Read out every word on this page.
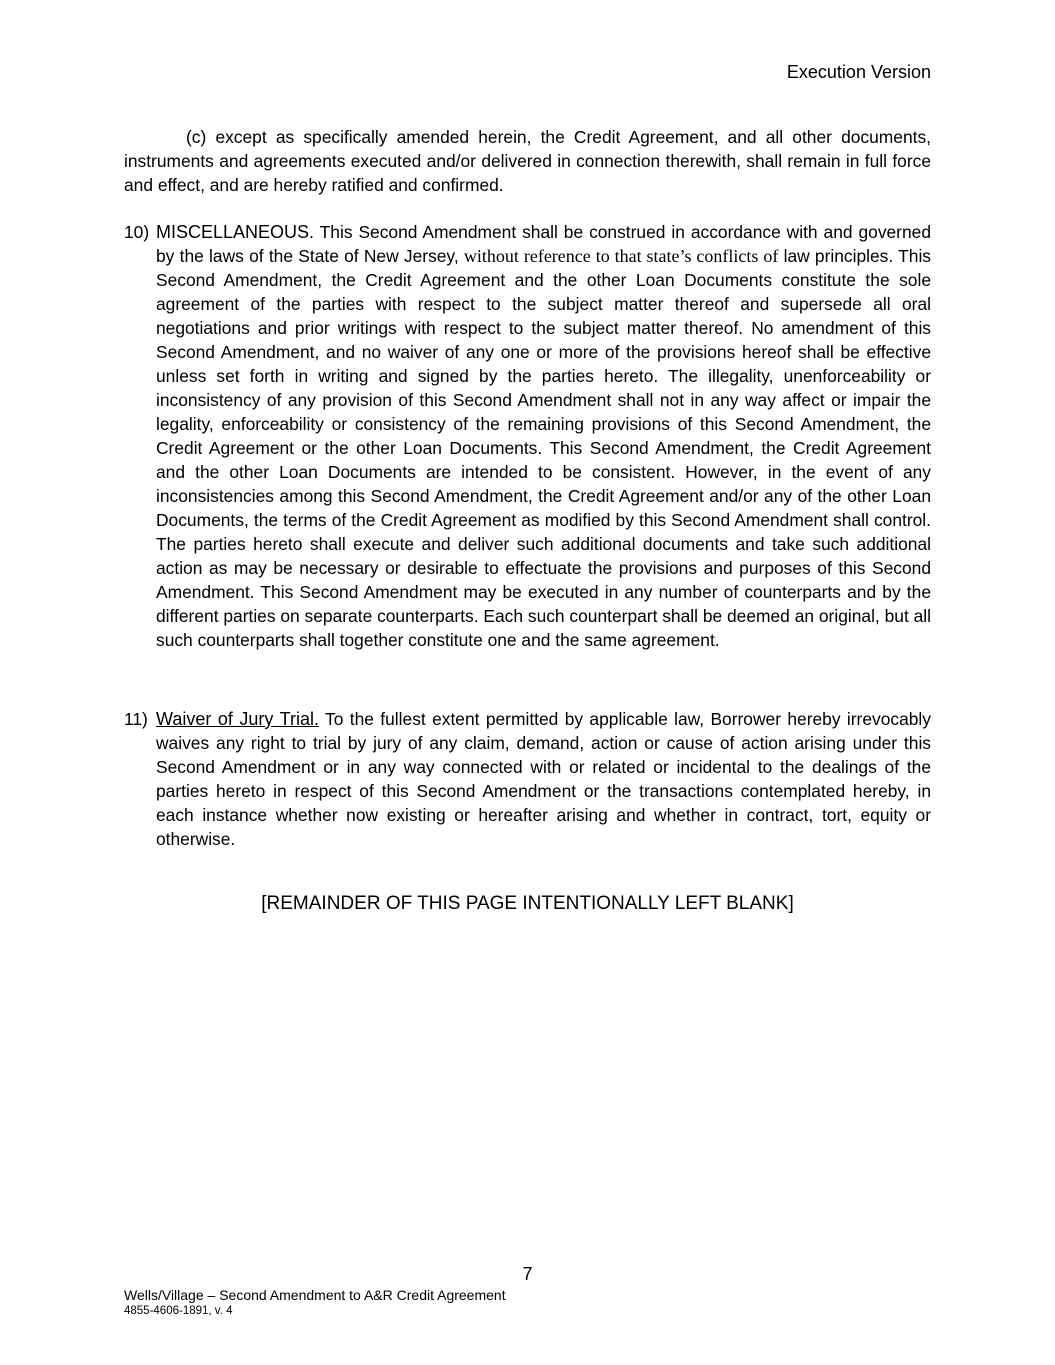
Execution Version
(c) except as specifically amended herein, the Credit Agreement, and all other documents, instruments and agreements executed and/or delivered in connection therewith, shall remain in full force and effect, and are hereby ratified and confirmed.
10) MISCELLANEOUS. This Second Amendment shall be construed in accordance with and governed by the laws of the State of New Jersey, without reference to that state’s conflicts of law principles. This Second Amendment, the Credit Agreement and the other Loan Documents constitute the sole agreement of the parties with respect to the subject matter thereof and supersede all oral negotiations and prior writings with respect to the subject matter thereof. No amendment of this Second Amendment, and no waiver of any one or more of the provisions hereof shall be effective unless set forth in writing and signed by the parties hereto. The illegality, unenforceability or inconsistency of any provision of this Second Amendment shall not in any way affect or impair the legality, enforceability or consistency of the remaining provisions of this Second Amendment, the Credit Agreement or the other Loan Documents. This Second Amendment, the Credit Agreement and the other Loan Documents are intended to be consistent. However, in the event of any inconsistencies among this Second Amendment, the Credit Agreement and/or any of the other Loan Documents, the terms of the Credit Agreement as modified by this Second Amendment shall control. The parties hereto shall execute and deliver such additional documents and take such additional action as may be necessary or desirable to effectuate the provisions and purposes of this Second Amendment. This Second Amendment may be executed in any number of counterparts and by the different parties on separate counterparts. Each such counterpart shall be deemed an original, but all such counterparts shall together constitute one and the same agreement.
11) Waiver of Jury Trial. To the fullest extent permitted by applicable law, Borrower hereby irrevocably waives any right to trial by jury of any claim, demand, action or cause of action arising under this Second Amendment or in any way connected with or related or incidental to the dealings of the parties hereto in respect of this Second Amendment or the transactions contemplated hereby, in each instance whether now existing or hereafter arising and whether in contract, tort, equity or otherwise.
[REMAINDER OF THIS PAGE INTENTIONALLY LEFT BLANK]
7
Wells/Village – Second Amendment to A&R Credit Agreement
4855-4606-1891, v. 4
